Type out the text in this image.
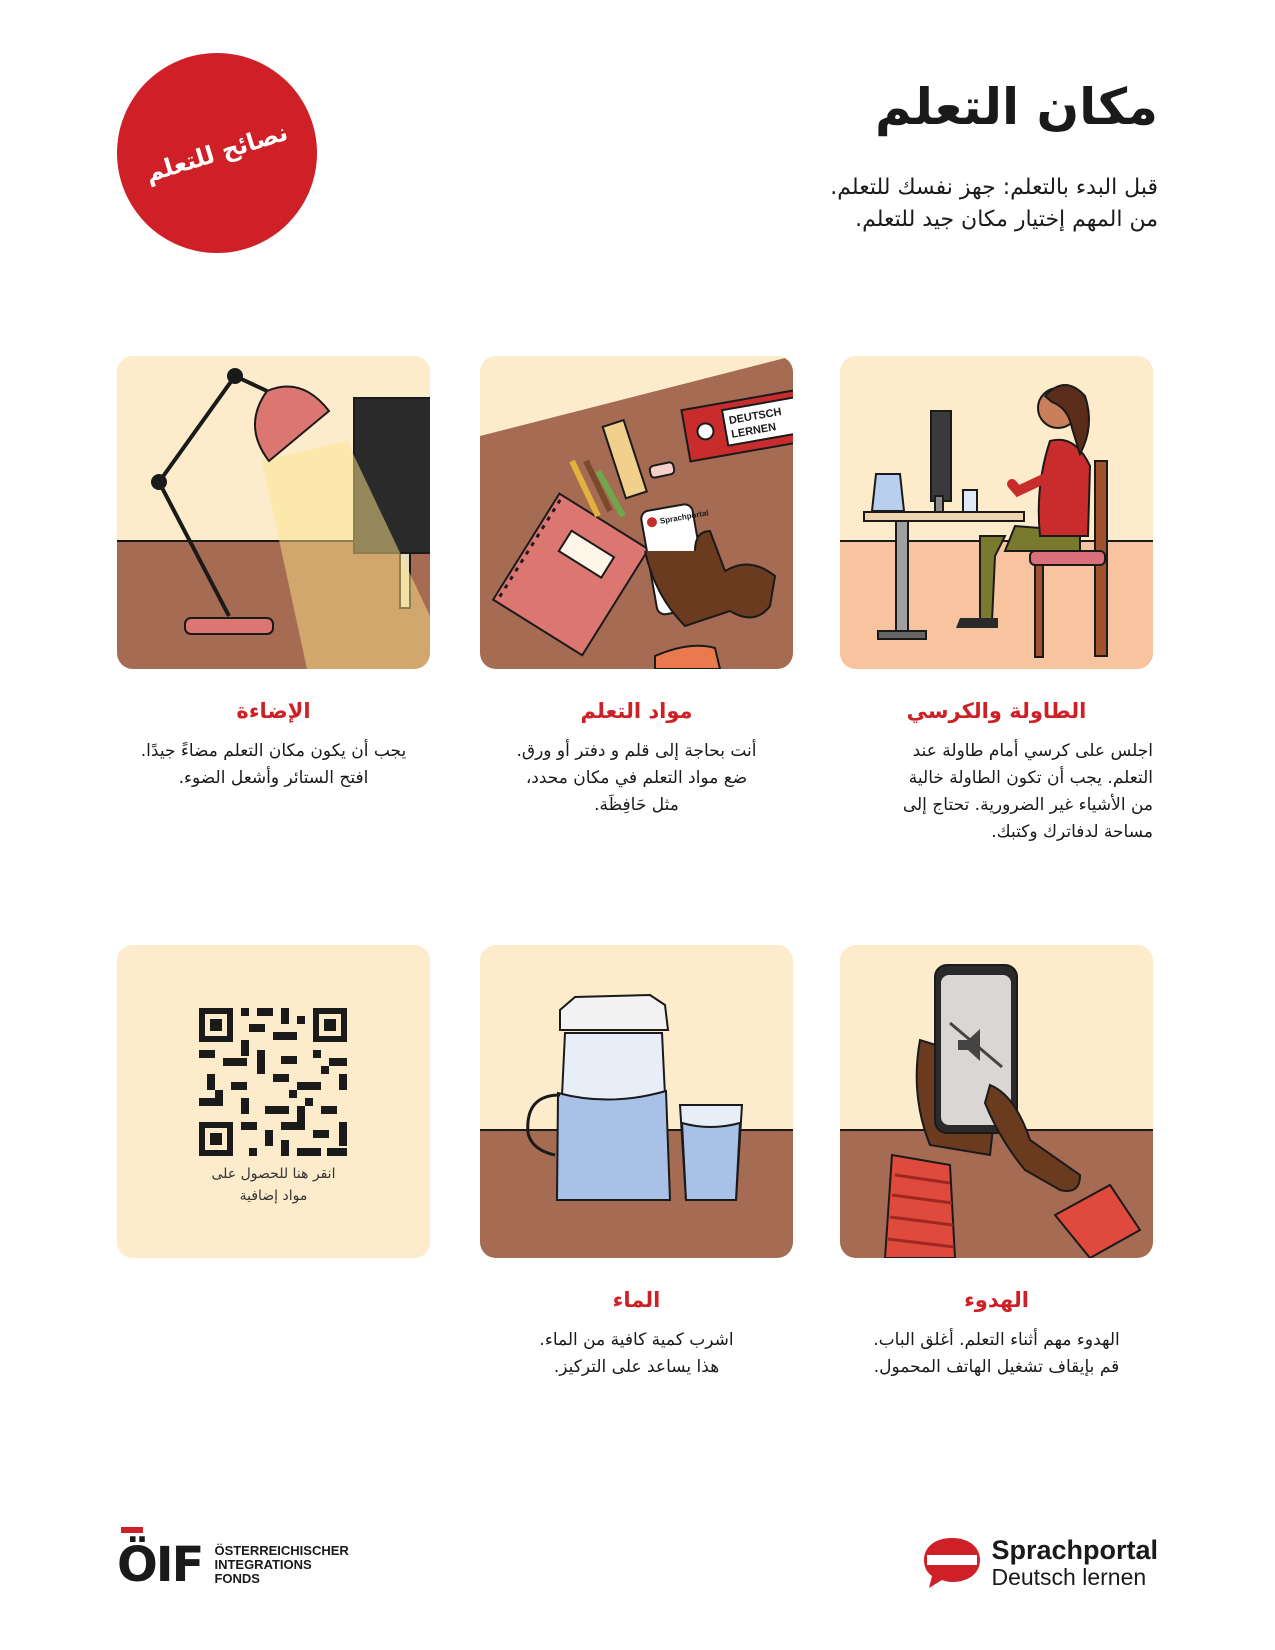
نصائح للتعلم
مكان التعلم
قبل البدء بالتعلم: جهز نفسك للتعلم.
من المهم إختيار مكان جيد للتعلم.
DEUTSCH
LERNEN
Sprachportal
الطاولة والكرسي
اجلس على كرسي أمام طاولة عند
التعلم. يجب أن تكون الطاولة خالية
من الأشياء غير الضرورية. تحتاج إلى
مساحة لدفاترك وكتبك.
مواد التعلم
أنت بحاجة إلى قلم و دفتر أو ورق.
ضع مواد التعلم في مكان محدد،
مثل حَافِظَة.
الإضاءة
يجب أن يكون مكان التعلم مضاءً جيدًا.
افتح الستائر وأشعل الضوء.
انقر هنا للحصول على
مواد إضافية
الهدوء
الهدوء مهم أثناء التعلم. أغلق الباب.
قم بإيقاف تشغيل الهاتف المحمول.
الماء
اشرب كمية كافية من الماء.
هذا يساعد على التركيز.
ÖIF ÖSTERREICHISCHER
INTEGRATIONS
FONDS
Sprachportal
Deutsch lernen
